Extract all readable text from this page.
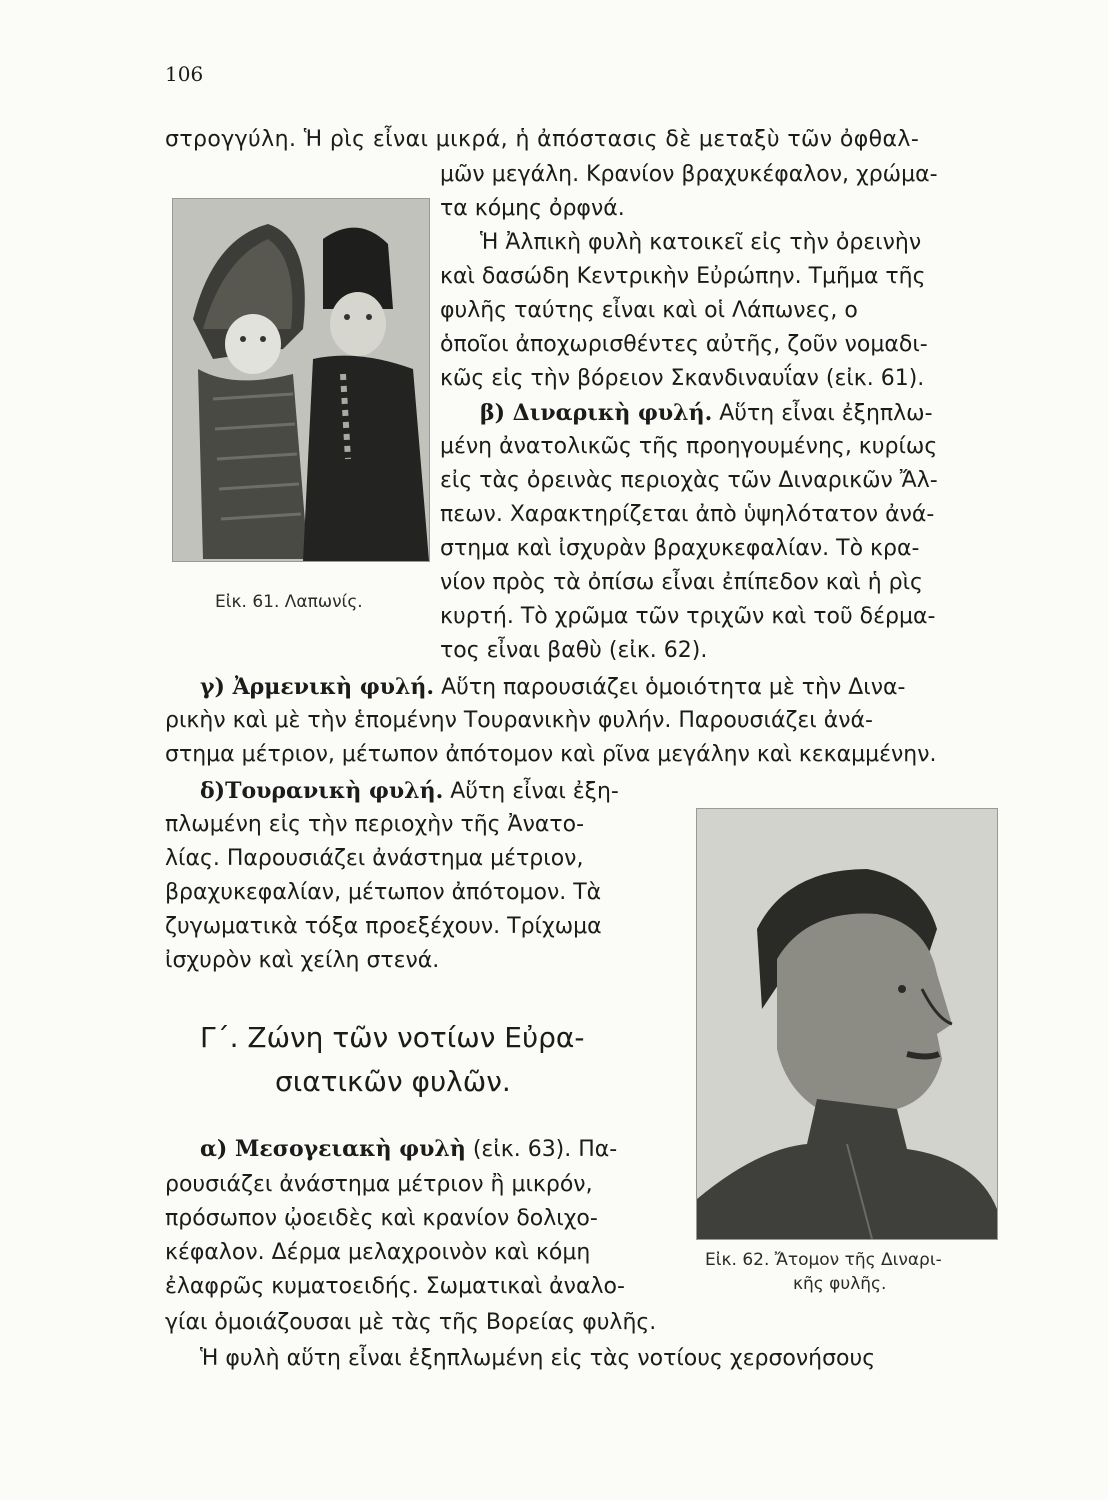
106
Εἰκ. 61. Λαπωνίς.
Εἰκ. 62. Ἄτομον τῆς Διναρι-
κῆς φυλῆς.
στρογγύλη. Ἡ ρὶς εἶναι μικρά, ἡ ἀπόστασις δὲ μεταξὺ τῶν ὀφθαλ-
μῶν μεγάλη. Κρανίον βραχυκέφαλον, χρώμα-
τα κόμης ὀρφνά.
Ἡ Ἀλπικὴ φυλὴ κατοικεῖ εἰς τὴν ὀρεινὴν
καὶ δασώδη Κεντρικὴν Εὐρώπην. Τμῆμα τῆς
φυλῆς ταύτης εἶναι καὶ οἱ Λάπωνες, ο
ὁποῖοι ἀποχωρισθέντες αὐτῆς, ζοῦν νομαδι-
κῶς εἰς τὴν βόρειον Σκανδιναυΐαν (εἰκ. 61).
β) Διναρικὴ φυλή. Αὕτη εἶναι ἐξηπλω-
μένη ἀνατολικῶς τῆς προηγουμένης, κυρίως
εἰς τὰς ὀρεινὰς περιοχὰς τῶν Διναρικῶν Ἄλ-
πεων. Χαρακτηρίζεται ἀπὸ ὑψηλότατον ἀνά-
στημα καὶ ἰσχυρὰν βραχυκεφαλίαν. Τὸ κρα-
νίον πρὸς τὰ ὀπίσω εἶναι ἐπίπεδον καὶ ἡ ρὶς
κυρτή. Τὸ χρῶμα τῶν τριχῶν καὶ τοῦ δέρμα-
τος εἶναι βαθὺ (εἰκ. 62).
γ) Ἀρμενικὴ φυλή. Αὕτη παρουσιάζει ὁμοιότητα μὲ τὴν Δινα-
ρικὴν καὶ μὲ τὴν ἑπομένην Τουρανικὴν φυλήν. Παρουσιάζει ἀνά-
στημα μέτριον, μέτωπον ἀπότομον καὶ ρῖνα μεγάλην καὶ κεκαμμένην.
δ)Τουρανικὴ φυλή. Αὕτη εἶναι ἐξη-
πλωμένη εἰς τὴν περιοχὴν τῆς Ἀνατο-
λίας. Παρουσιάζει ἀνάστημα μέτριον,
βραχυκεφαλίαν, μέτωπον ἀπότομον. Τὰ
ζυγωματικὰ τόξα προεξέχουν. Τρίχωμα
ἰσχυρὸν καὶ χείλη στενά.
Γ΄. Ζώνη τῶν νοτίων Εὐρα-
σιατικῶν φυλῶν.
α) Μεσογειακὴ φυλὴ (εἰκ. 63). Πα-
ρουσιάζει ἀνάστημα μέτριον ἢ μικρόν,
πρόσωπον ᾠοειδὲς καὶ κρανίον δολιχο-
κέφαλον. Δέρμα μελαχροινὸν καὶ κόμη
ἐλαφρῶς κυματοειδής. Σωματικαὶ ἀναλο-
γίαι ὁμοιάζουσαι μὲ τὰς τῆς Βορείας φυλῆς.
Ἡ φυλὴ αὕτη εἶναι ἐξηπλωμένη εἰς τὰς νοτίους χερσονήσους
